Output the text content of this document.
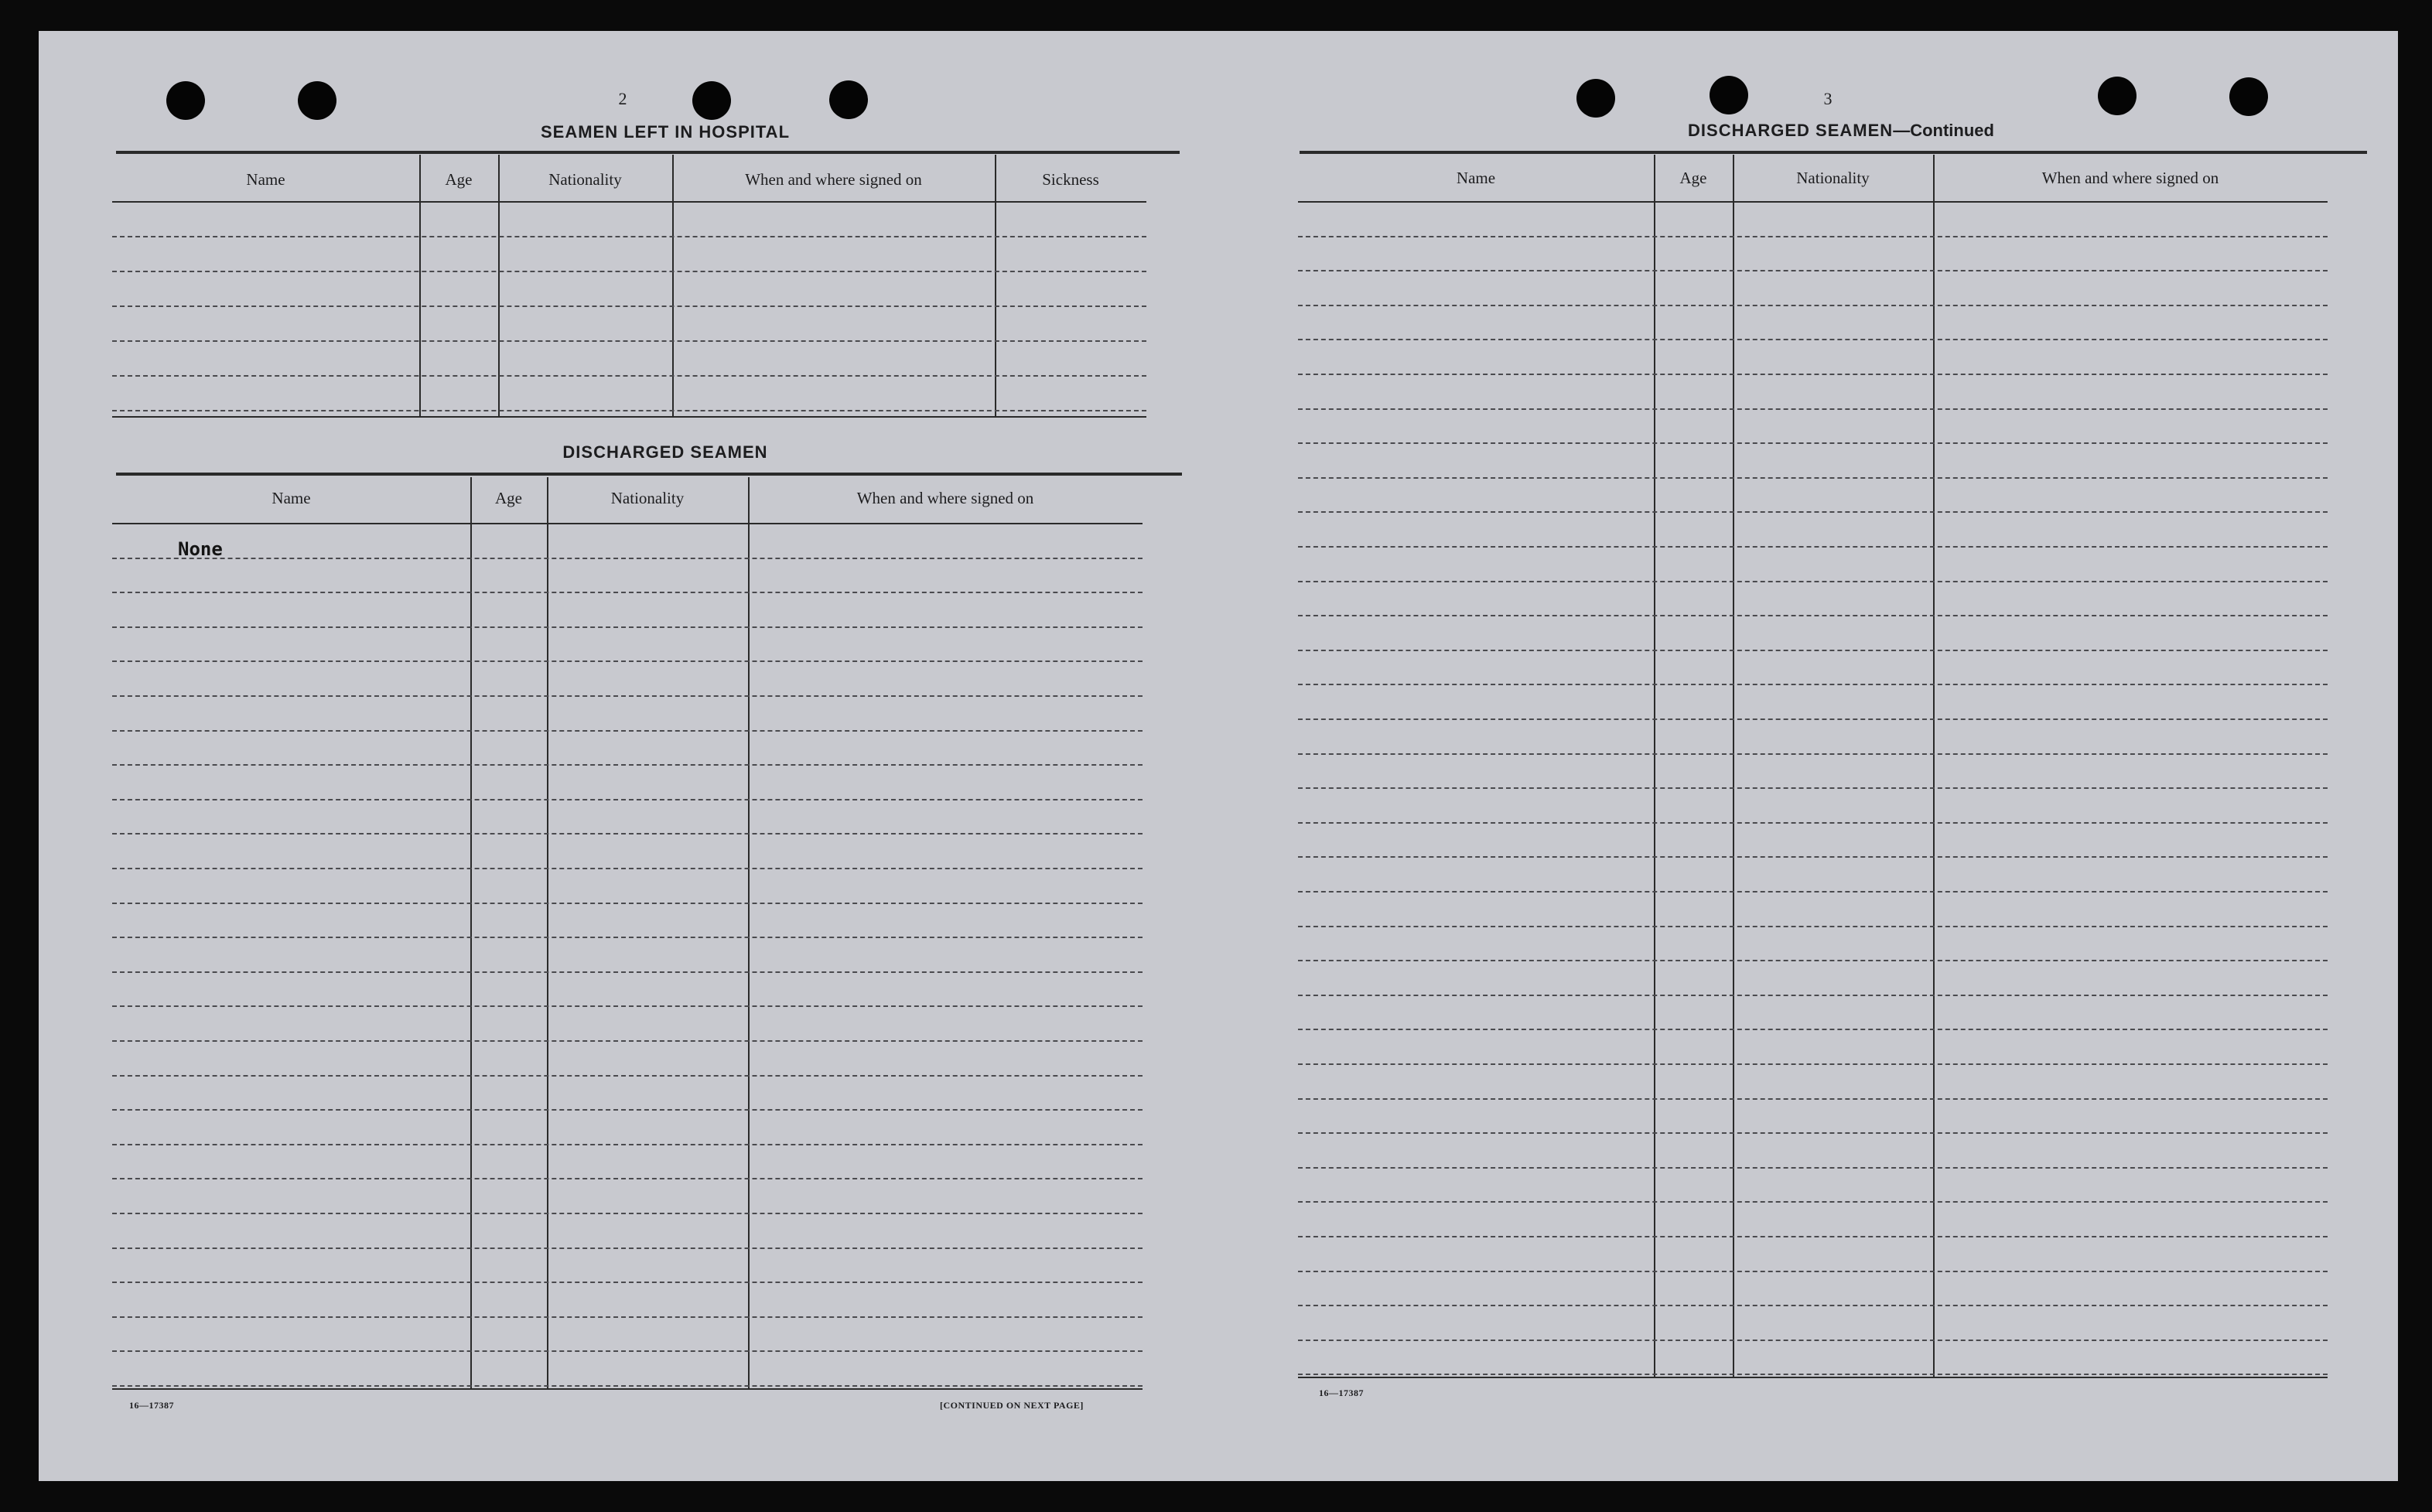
2
SEAMEN LEFT IN HOSPITAL
Name	Age	Nationality	When and where signed on	Sickness
DISCHARGED SEAMEN
Name	Age	Nationality	When and where signed on
None
16—17387	[CONTINUED ON NEXT PAGE]
3
DISCHARGED SEAMEN—Continued
Name	Age	Nationality	When and where signed on
16—17387
